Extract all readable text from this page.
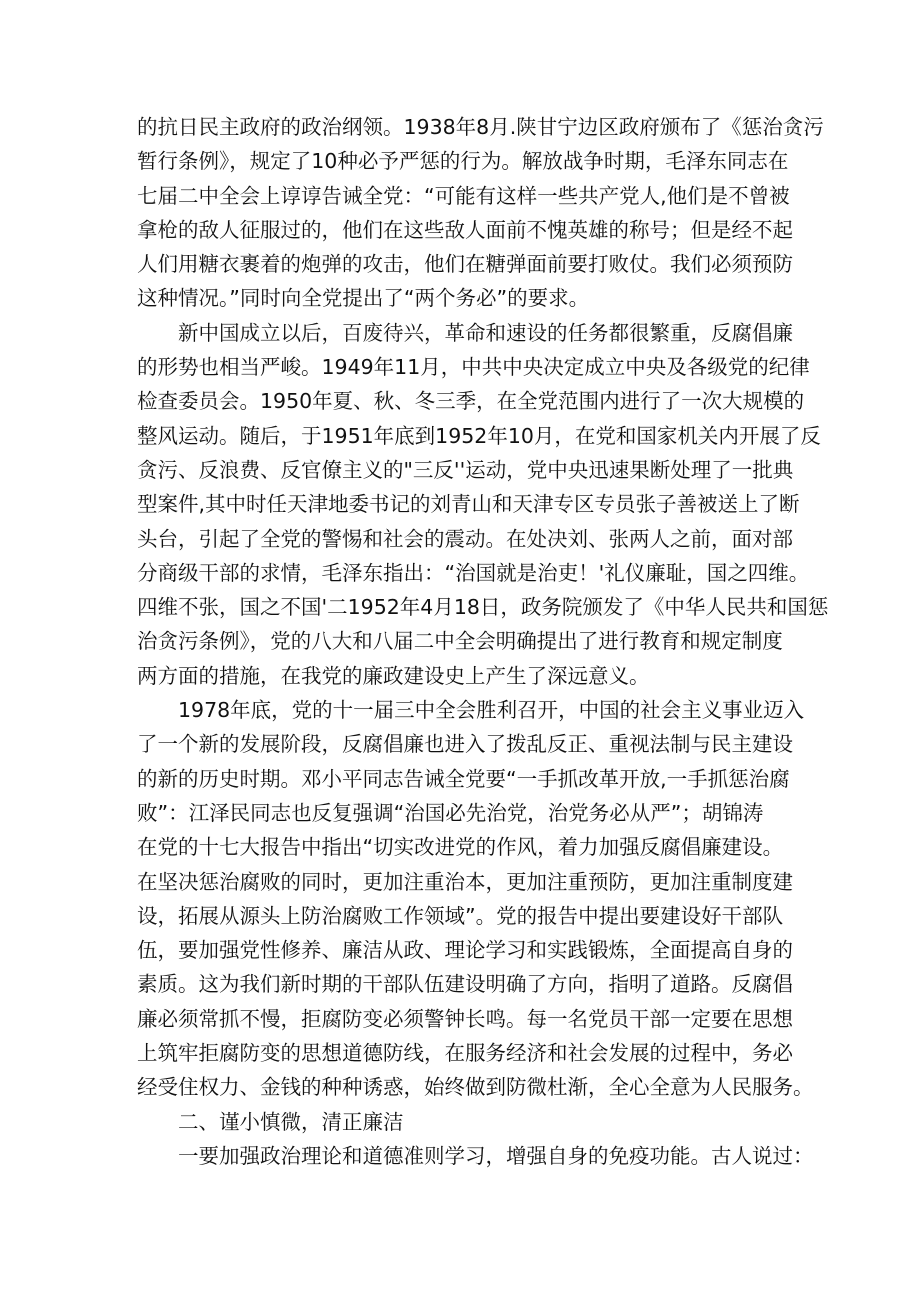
的抗日民主政府的政治纲领。1938年8月.陕甘宁边区政府颁布了《惩治贪污
暂行条例》，规定了10种必予严惩的行为。解放战争时期，毛泽东同志在
七届二中全会上谆谆告诫全党：“可能有这样一些共产党人,他们是不曾被
拿枪的敌人征服过的，他们在这些敌人面前不愧英雄的称号；但是经不起
人们用糖衣裹着的炮弹的攻击，他们在糖弹面前要打败仗。我们必须预防
这种情况。”同时向全党提出了“两个务必”的要求。
新中国成立以后，百废待兴，革命和速设的任务都很繁重，反腐倡廉
的形势也相当严峻。1949年11月，中共中央决定成立中央及各级党的纪律
检查委员会。1950年夏、秋、冬三季，在全党范围内进行了一次大规模的
整风运动。随后，于1951年底到1952年10月，在党和国家机关内开展了反
贪污、反浪费、反官僚主义的"三反''运动，党中央迅速果断处理了一批典
型案件,其中时任天津地委书记的刘青山和天津专区专员张子善被送上了断
头台，引起了全党的警惕和社会的震动。在处决刘、张两人之前，面对部
分商级干部的求情，毛泽东指出：“治国就是治吏！'礼仪廉耻，国之四维。
四维不张，国之不国'二1952年4月18日，政务院颁发了《中华人民共和国惩
治贪污条例》，党的八大和八届二中全会明确提出了进行教育和规定制度
两方面的措施，在我党的廉政建设史上产生了深远意义。
1978年底，党的十一届三中全会胜利召开，中国的社会主义事业迈入
了一个新的发展阶段，反腐倡廉也进入了拨乱反正、重视法制与民主建设
的新的历史时期。邓小平同志告诫全党要“一手抓改革开放,一手抓惩治腐
败”：江泽民同志也反复强调“治国必先治党，治党务必从严”；胡锦涛
在党的十七大报告中指出“切实改进党的作风，着力加强反腐倡廉建设。
在坚决惩治腐败的同时，更加注重治本，更加注重预防，更加注重制度建
设，拓展从源头上防治腐败工作领域”。党的报告中提出要建设好干部队
伍，要加强党性修养、廉洁从政、理论学习和实践锻炼，全面提高自身的
素质。这为我们新时期的干部队伍建设明确了方向，指明了道路。反腐倡
廉必须常抓不慢，拒腐防变必须警钟长鸣。每一名党员干部一定要在思想
上筑牢拒腐防变的思想道德防线，在服务经济和社会发展的过程中，务必
经受住权力、金钱的种种诱惑，始终做到防微杜渐，全心全意为人民服务。
二、谨小慎微，清正廉洁
一要加强政治理论和道德准则学习，增强自身的免疫功能。古人说过：
